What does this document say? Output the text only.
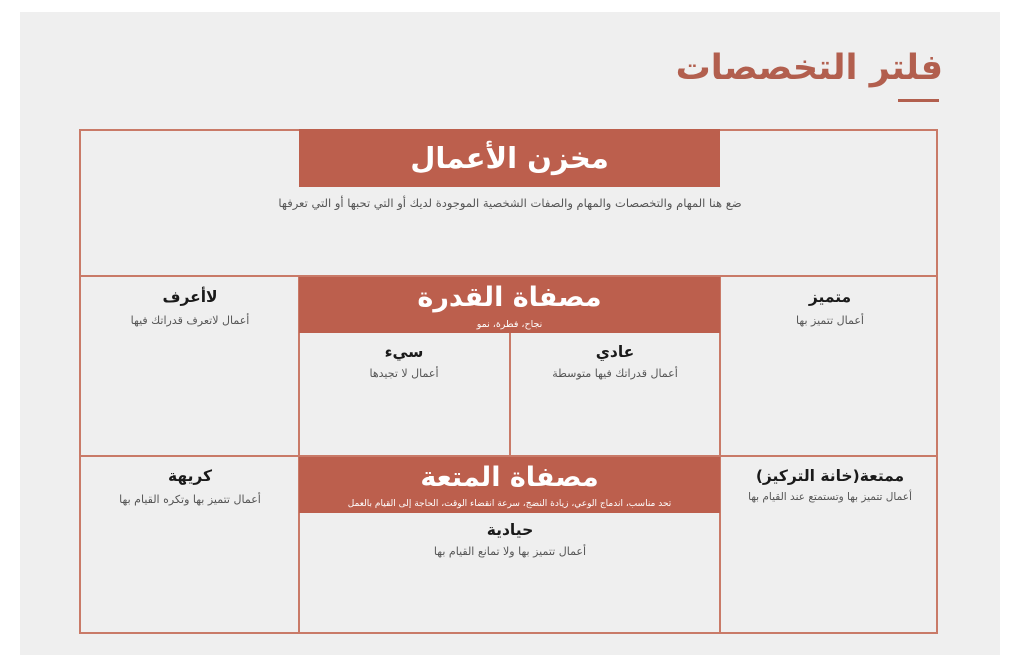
فلتر التخصصات
مخزن الأعمال
ضع هنا المهام والتخصصات والمهام والصفات الشخصية الموجودة لديك أو التي تحبها أو التي تعرفها
مصفاة القدرة
نجاح، فطرة، نمو
مصفاة المتعة
تحد مناسب، اندماج الوعي، زيادة النضج، سرعة انقضاء الوقت، الحاجة إلى القيام بالعمل
لاأعرف
أعمال لاتعرف قدراتك فيها
متميز
أعمال تتميز بها
سيء
أعمال لا تجيدها
عادي
أعمال قدراتك فيها متوسطة
كريهة
أعمال تتميز بها وتكره القيام بها
ممتعة(خانة التركيز)
أعمال تتميز بها وتستمتع عند القيام بها
حيادية
أعمال تتميز بها ولا تمانع القيام بها
